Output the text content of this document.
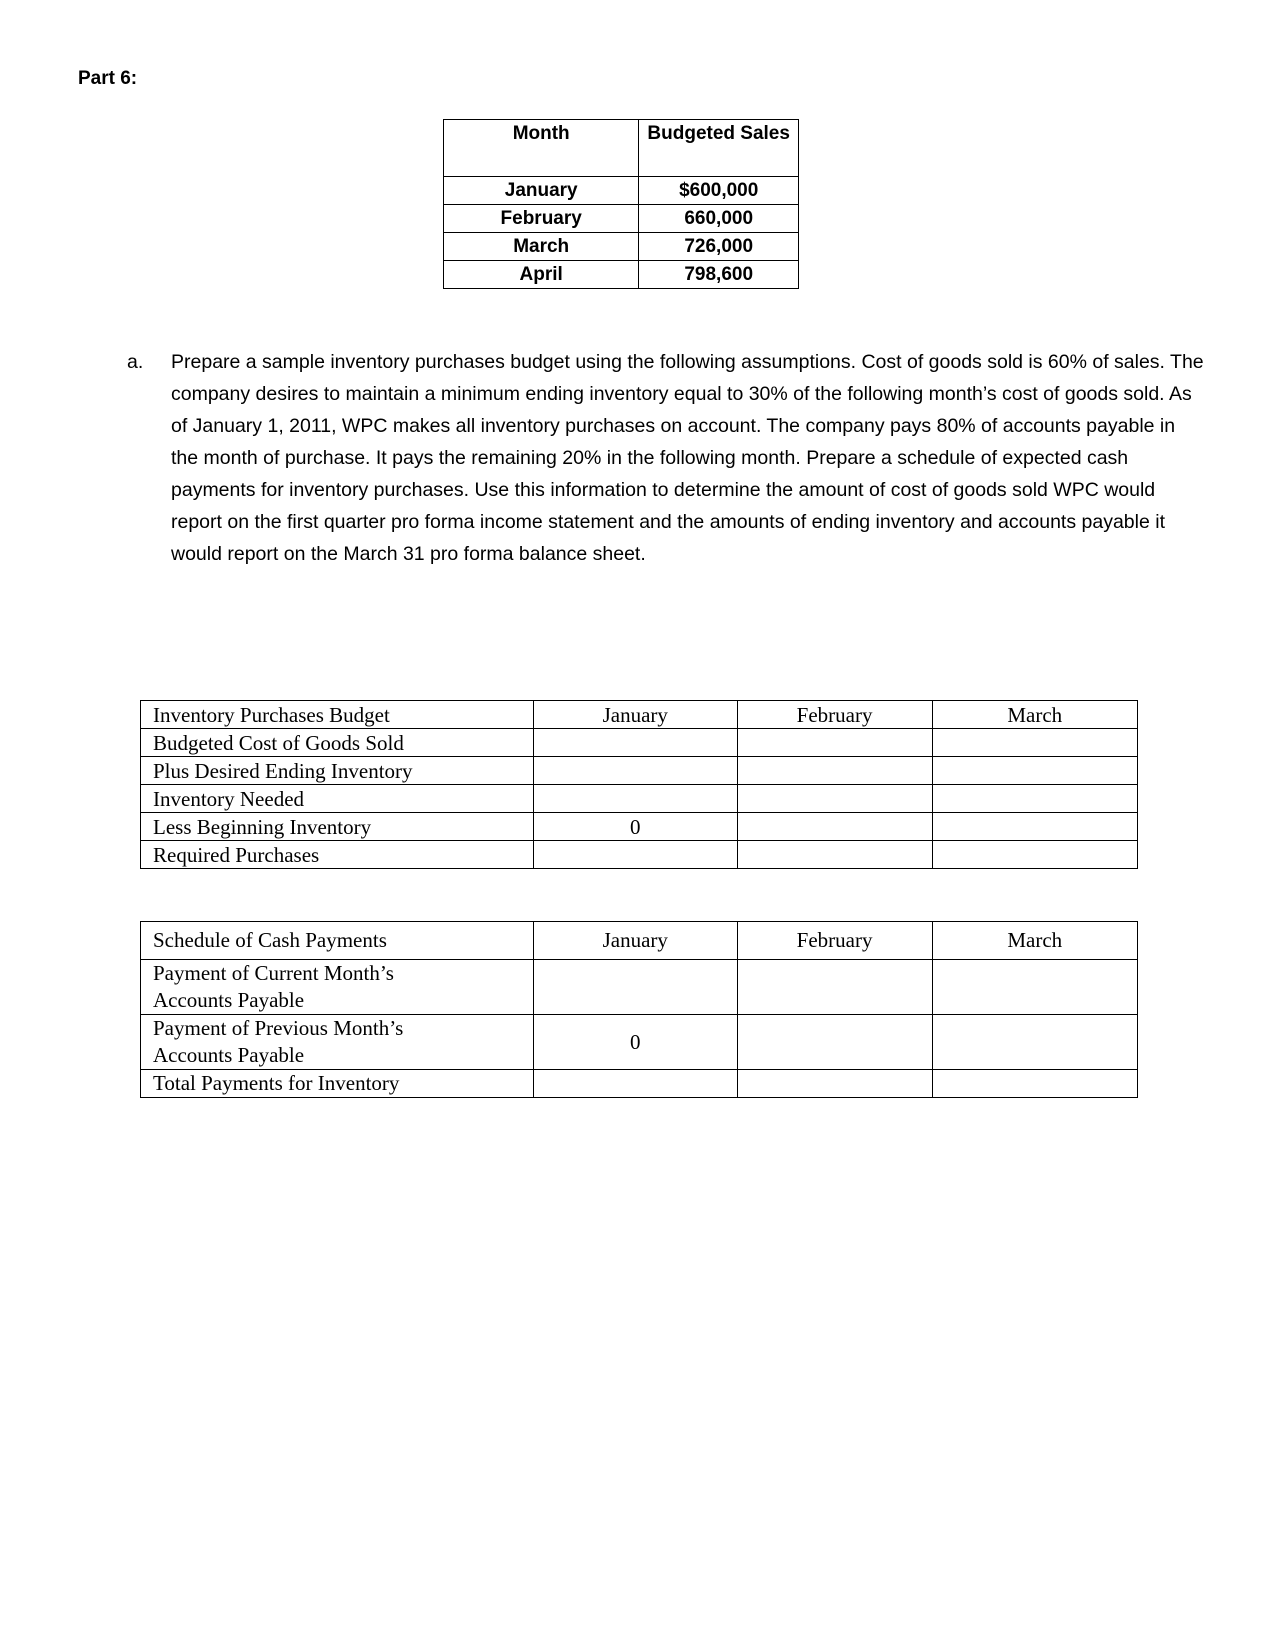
Part 6:
Month	Budgeted Sales
January	$600,000
February	660,000
March	726,000
April	798,600
a. Prepare a sample inventory purchases budget using the following assumptions. Cost of goods sold is 60% of sales. The company desires to maintain a minimum ending inventory equal to 30% of the following month’s cost of goods sold. As of January 1, 2011, WPC makes all inventory purchases on account. The company pays 80% of accounts payable in the month of purchase. It pays the remaining 20% in the following month. Prepare a schedule of expected cash payments for inventory purchases. Use this information to determine the amount of cost of goods sold WPC would report on the first quarter pro forma income statement and the amounts of ending inventory and accounts payable it would report on the March 31 pro forma balance sheet.
Inventory Purchases Budget	January	February	March
Budgeted Cost of Goods Sold			
Plus Desired Ending Inventory			
Inventory Needed			
Less Beginning Inventory	0		
Required Purchases			
Schedule of Cash Payments	January	February	March

Payment of Current Month’s
Accounts Payable			

Payment of Previous Month’s
Accounts Payable	0		
Total Payments for Inventory			
